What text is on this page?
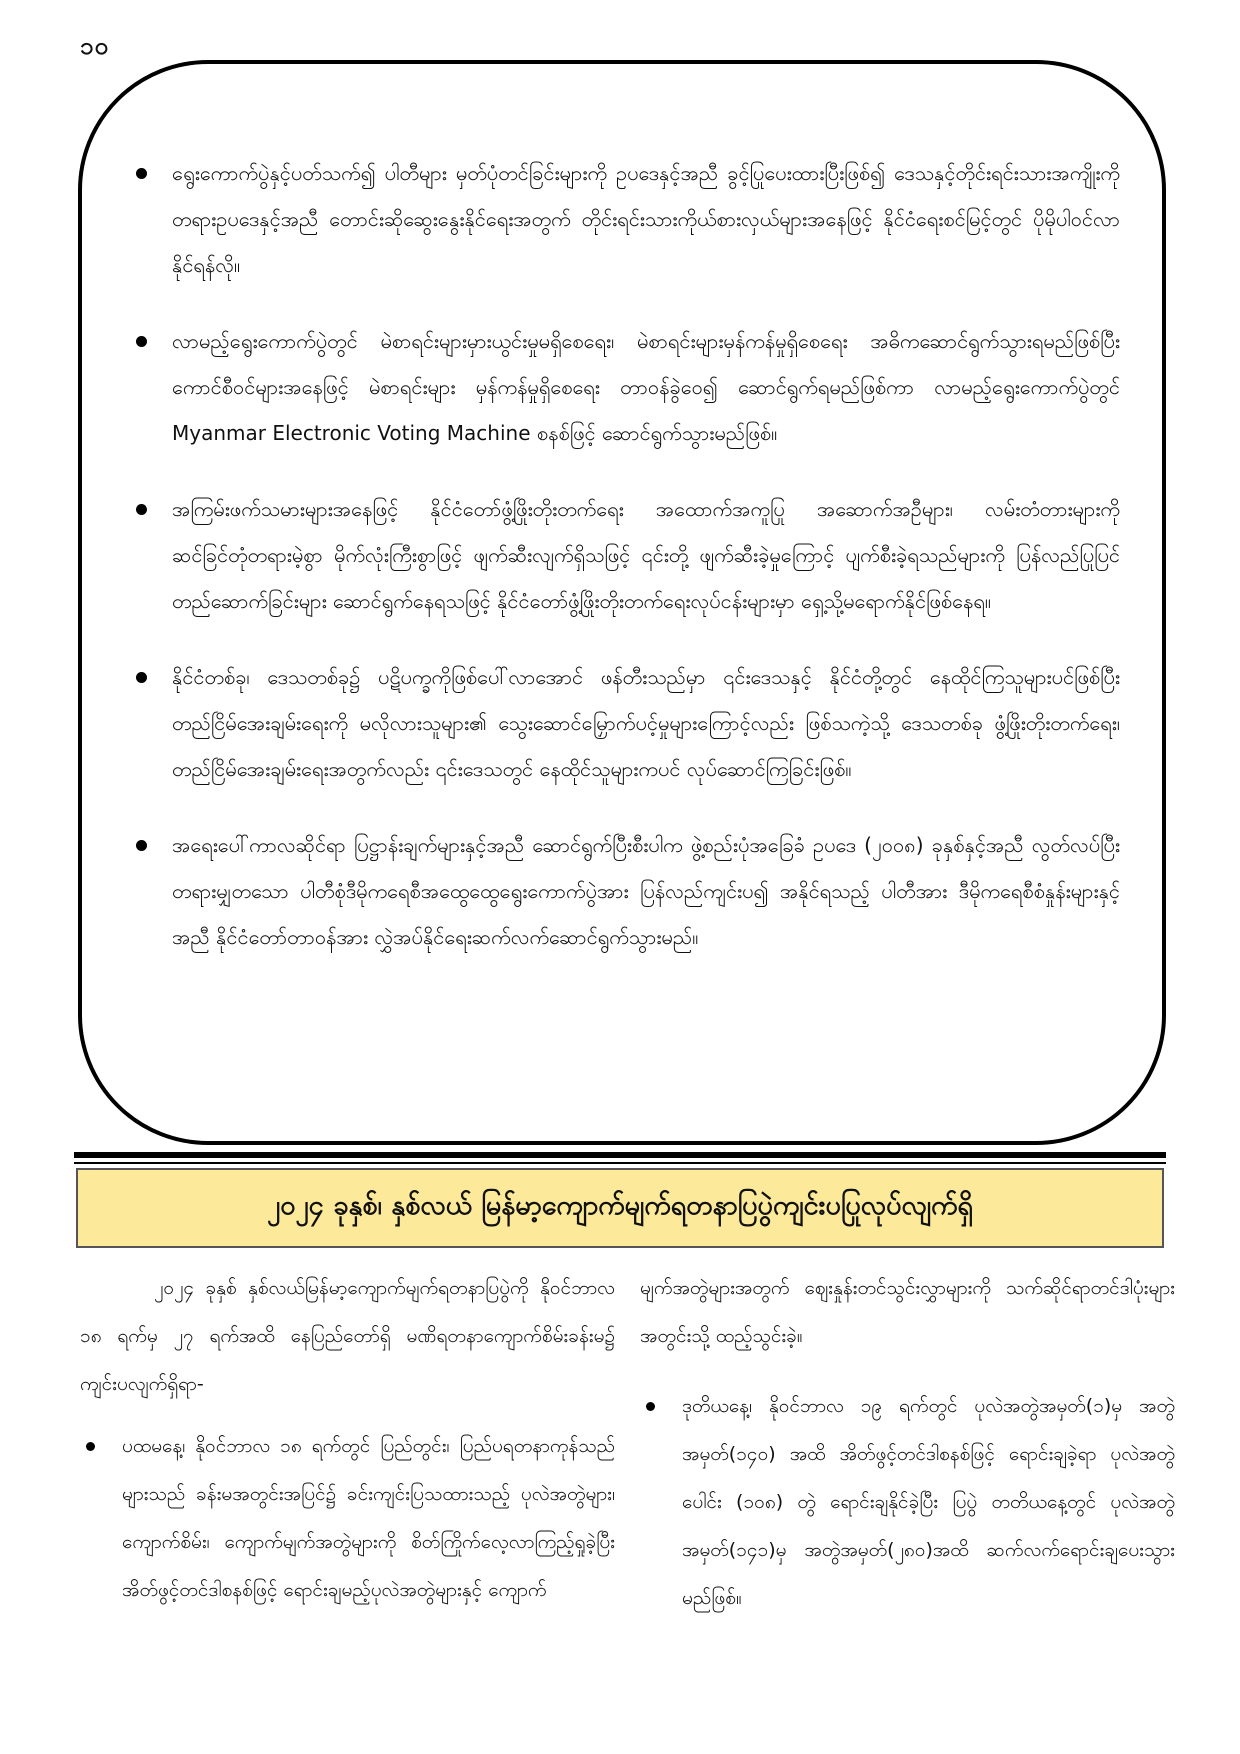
၁၀
ရွေးကောက်ပွဲနှင့်ပတ်သက်၍ ပါတီများ မှတ်ပုံတင်ခြင်းများကို ဥပဒေနှင့်အညီ ခွင့်ပြုပေးထားပြီးဖြစ်၍ ဒေသနှင့်တိုင်းရင်းသားအကျိုးကို တရားဥပဒေနှင့်အညီ တောင်းဆိုဆွေးနွေးနိုင်ရေးအတွက် တိုင်းရင်းသားကိုယ်စားလှယ်များအနေဖြင့် နိုင်ငံရေးစင်မြင့်တွင် ပိုမိုပါဝင်လာနိုင်ရန်လို။
လာမည့်ရွေးကောက်ပွဲတွင် မဲစာရင်းများမှားယွင်းမှုမရှိစေရေး၊ မဲစာရင်းများမှန်ကန်မှုရှိစေရေး အဓိကဆောင်ရွက်သွားရမည်ဖြစ်ပြီး ကောင်စီဝင်များအနေဖြင့် မဲစာရင်းများ မှန်ကန်မှုရှိစေရေး တာဝန်ခွဲဝေ၍ ဆောင်ရွက်ရမည်ဖြစ်ကာ လာမည့်ရွေးကောက်ပွဲတွင် Myanmar Electronic Voting Machine စနစ်ဖြင့် ဆောင်ရွက်သွားမည်ဖြစ်။
အကြမ်းဖက်သမားများအနေဖြင့် နိုင်ငံတော်ဖွံ့ဖြိုးတိုးတက်ရေး အထောက်အကူပြု အဆောက်အဦများ၊ လမ်းတံတားများကို ဆင်ခြင်တုံတရားမဲ့စွာ မိုက်လုံးကြီးစွာဖြင့် ဖျက်ဆီးလျက်ရှိသဖြင့် ၎င်းတို့ ဖျက်ဆီးခဲ့မှုကြောင့် ပျက်စီးခဲ့ရသည်များကို ပြန်လည်ပြုပြင်တည်ဆောက်ခြင်းများ ဆောင်ရွက်နေရသဖြင့် နိုင်ငံတော်ဖွံ့ဖြိုးတိုးတက်ရေးလုပ်ငန်းများမှာ ရှေ့သို့မရောက်နိုင်ဖြစ်နေရ။
နိုင်ငံတစ်ခု၊ ဒေသတစ်ခု၌ ပဋိပက္ခကိုဖြစ်ပေါ်လာအောင် ဖန်တီးသည်မှာ ၎င်းဒေသနှင့် နိုင်ငံတို့တွင် နေထိုင်ကြသူများပင်ဖြစ်ပြီး တည်ငြိမ်အေးချမ်းရေးကို မလိုလားသူများ၏ သွေးဆောင်မြှောက်ပင့်မှုများကြောင့်လည်း ဖြစ်သကဲ့သို့ ဒေသတစ်ခု ဖွံ့ဖြိုးတိုးတက်ရေး၊ တည်ငြိမ်အေးချမ်းရေးအတွက်လည်း ၎င်းဒေသတွင် နေထိုင်သူများကပင် လုပ်ဆောင်ကြခြင်းဖြစ်။
အရေးပေါ်ကာလဆိုင်ရာ ပြဋ္ဌာန်းချက်များနှင့်အညီ ဆောင်ရွက်ပြီးစီးပါက ဖွဲ့စည်းပုံအခြေခံ ဥပဒေ (၂၀၀၈) ခုနှစ်နှင့်အညီ လွတ်လပ်ပြီး တရားမျှတသော ပါတီစုံဒီမိုကရေစီအထွေထွေရွေးကောက်ပွဲအား ပြန်လည်ကျင်းပ၍ အနိုင်ရသည့် ပါတီအား ဒီမိုကရေစီစံနှုန်းများနှင့်အညီ နိုင်ငံတော်တာဝန်အား လွှဲအပ်နိုင်ရေးဆက်လက်ဆောင်ရွက်သွားမည်။
၂၀၂၄ ခုနှစ်၊ နှစ်လယ် မြန်မာ့ကျောက်မျက်ရတနာပြပွဲကျင်းပပြုလုပ်လျက်ရှိ

၂၀၂၄ ခုနှစ် နှစ်လယ်မြန်မာ့ကျောက်မျက်ရတနာပြပွဲကို နိုဝင်ဘာလ ၁၈ ရက်မှ ၂၇ ရက်အထိ နေပြည်တော်ရှိ မဏိရတနာကျောက်စိမ်းခန်းမ၌ ကျင်းပလျက်ရှိရာ-

ပထမနေ့၊ နိုဝင်ဘာလ ၁၈ ရက်တွင် ပြည်တွင်း၊ ပြည်ပရတနာကုန်သည်များသည် ခန်းမအတွင်းအပြင်၌ ခင်းကျင်းပြသထားသည့် ပုလဲအတွဲများ၊ ကျောက်စိမ်း၊ ကျောက်မျက်အတွဲများကို စိတ်ကြိုက်လေ့လာကြည့်ရှုခဲ့ပြီး အိတ်ဖွင့်တင်ဒါစနစ်ဖြင့် ရောင်းချမည့်ပုလဲအတွဲများနှင့် ကျောက်

မျက်အတွဲများအတွက် ဈေးနှုန်းတင်သွင်းလွှာများကို သက်ဆိုင်ရာတင်ဒါပုံးများအတွင်းသို့ ထည့်သွင်းခဲ့။

ဒုတိယနေ့၊ နိုဝင်ဘာလ ၁၉ ရက်တွင် ပုလဲအတွဲအမှတ်(၁)မှ အတွဲအမှတ်(၁၄၀) အထိ အိတ်ဖွင့်တင်ဒါစနစ်ဖြင့် ရောင်းချခဲ့ရာ ပုလဲအတွဲပေါင်း (၁၀၈) တွဲ ရောင်းချနိုင်ခဲ့ပြီး ပြပွဲ တတိယနေ့တွင် ပုလဲအတွဲအမှတ်(၁၄၁)မှ အတွဲအမှတ်(၂၈၀)အထိ ဆက်လက်ရောင်းချပေးသွားမည်ဖြစ်။
